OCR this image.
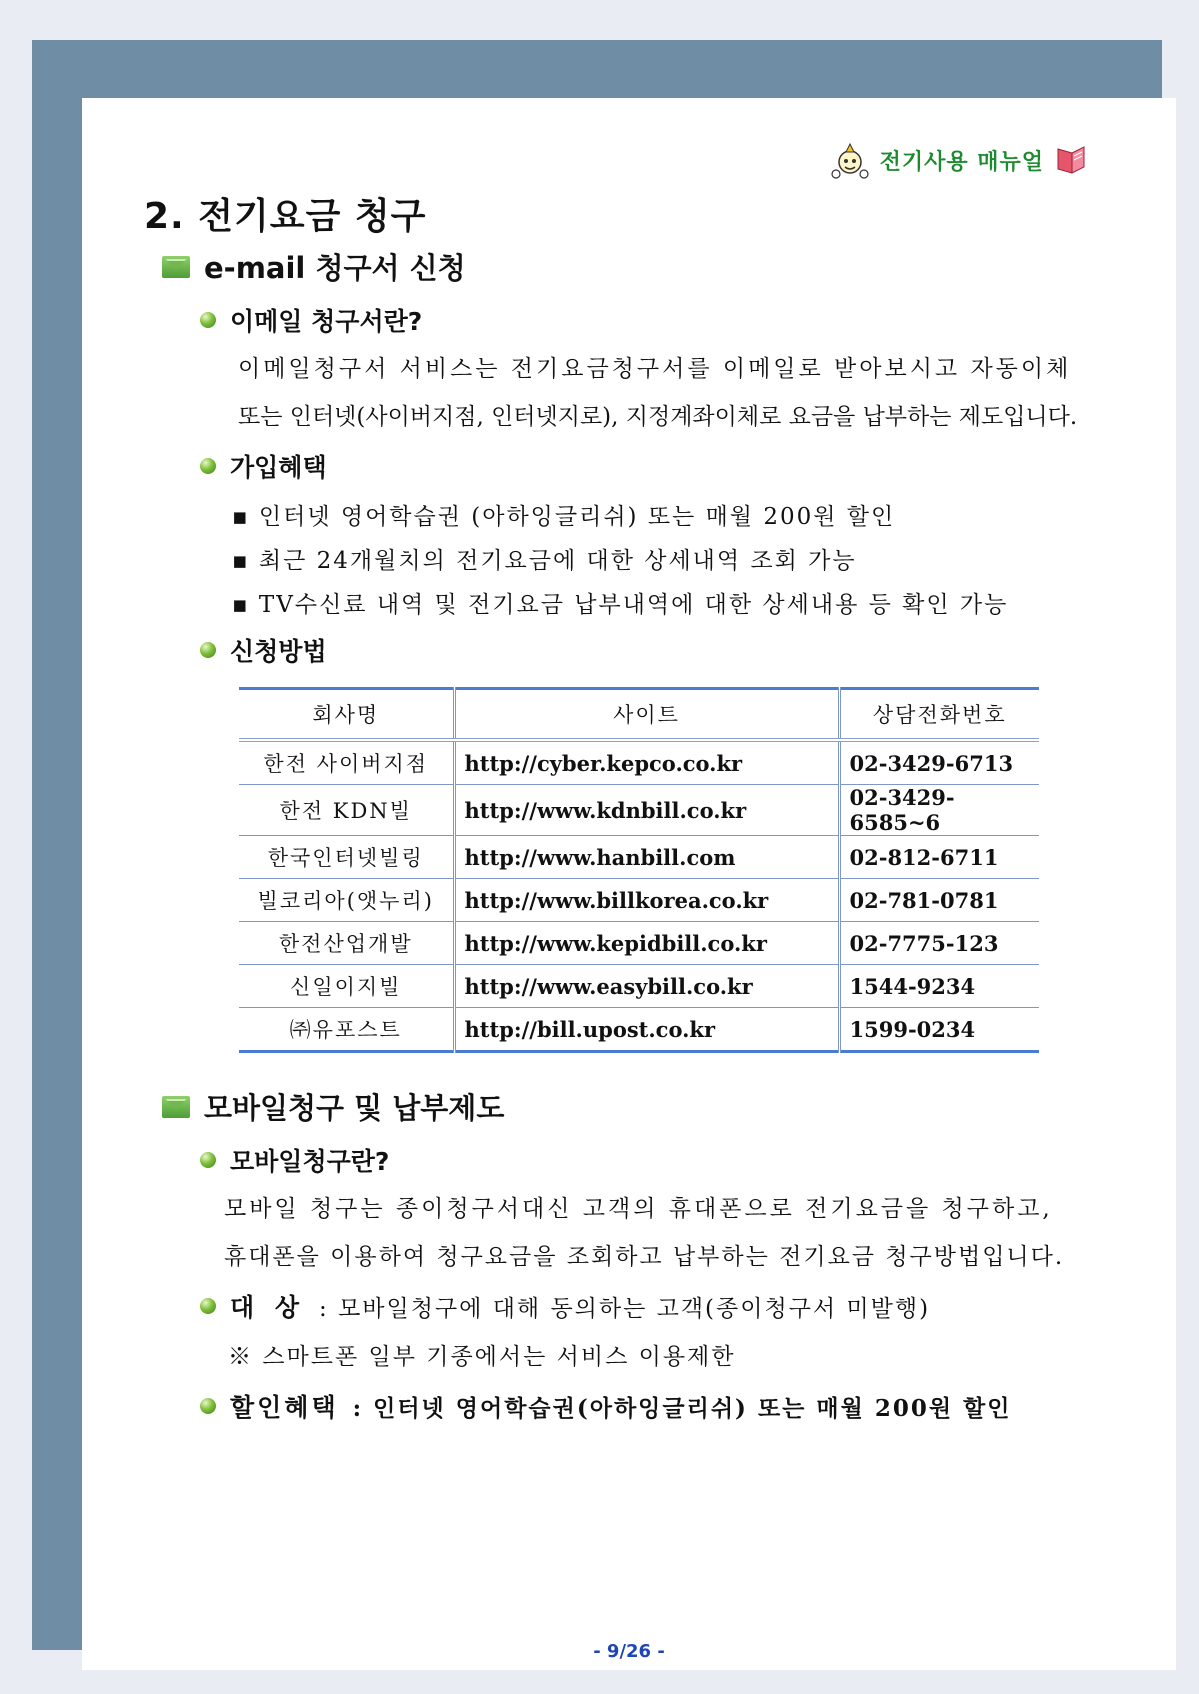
전기사용 매뉴얼
2. 전기요금 청구
e-mail 청구서 신청
이메일 청구서란?
이메일청구서 서비스는 전기요금청구서를 이메일로 받아보시고 자동이체
또는 인터넷(사이버지점, 인터넷지로), 지정계좌이체로 요금을 납부하는 제도입니다.
가입혜택
▪ 인터넷 영어학습권 (아하잉글리쉬) 또는 매월 200원 할인
▪ 최근 24개월치의 전기요금에 대한 상세내역 조회 가능
▪ TV수신료 내역 및 전기요금 납부내역에 대한 상세내용 등 확인 가능
신청방법
회사명	사이트	상담전화번호
한전 사이버지점	http://cyber.kepco.co.kr	02-3429-6713
한전 KDN빌	http://www.kdnbill.co.kr	02-3429-6585~6
한국인터넷빌링	http://www.hanbill.com	02-812-6711
빌코리아(앳누리)	http://www.billkorea.co.kr	02-781-0781
한전산업개발	http://www.kepidbill.co.kr	02-7775-123
신일이지빌	http://www.easybill.co.kr	1544-9234
㈜유포스트	http://bill.upost.co.kr	1599-0234
모바일청구 및 납부제도
모바일청구란?
모바일 청구는 종이청구서대신 고객의 휴대폰으로 전기요금을 청구하고,
휴대폰을 이용하여 청구요금을 조회하고 납부하는 전기요금 청구방법입니다.
대 상 : 모바일청구에 대해 동의하는 고객(종이청구서 미발행)
※ 스마트폰 일부 기종에서는 서비스 이용제한
할인혜택 : 인터넷 영어학습권(아하잉글리쉬) 또는 매월 200원 할인
- 9/26 -
